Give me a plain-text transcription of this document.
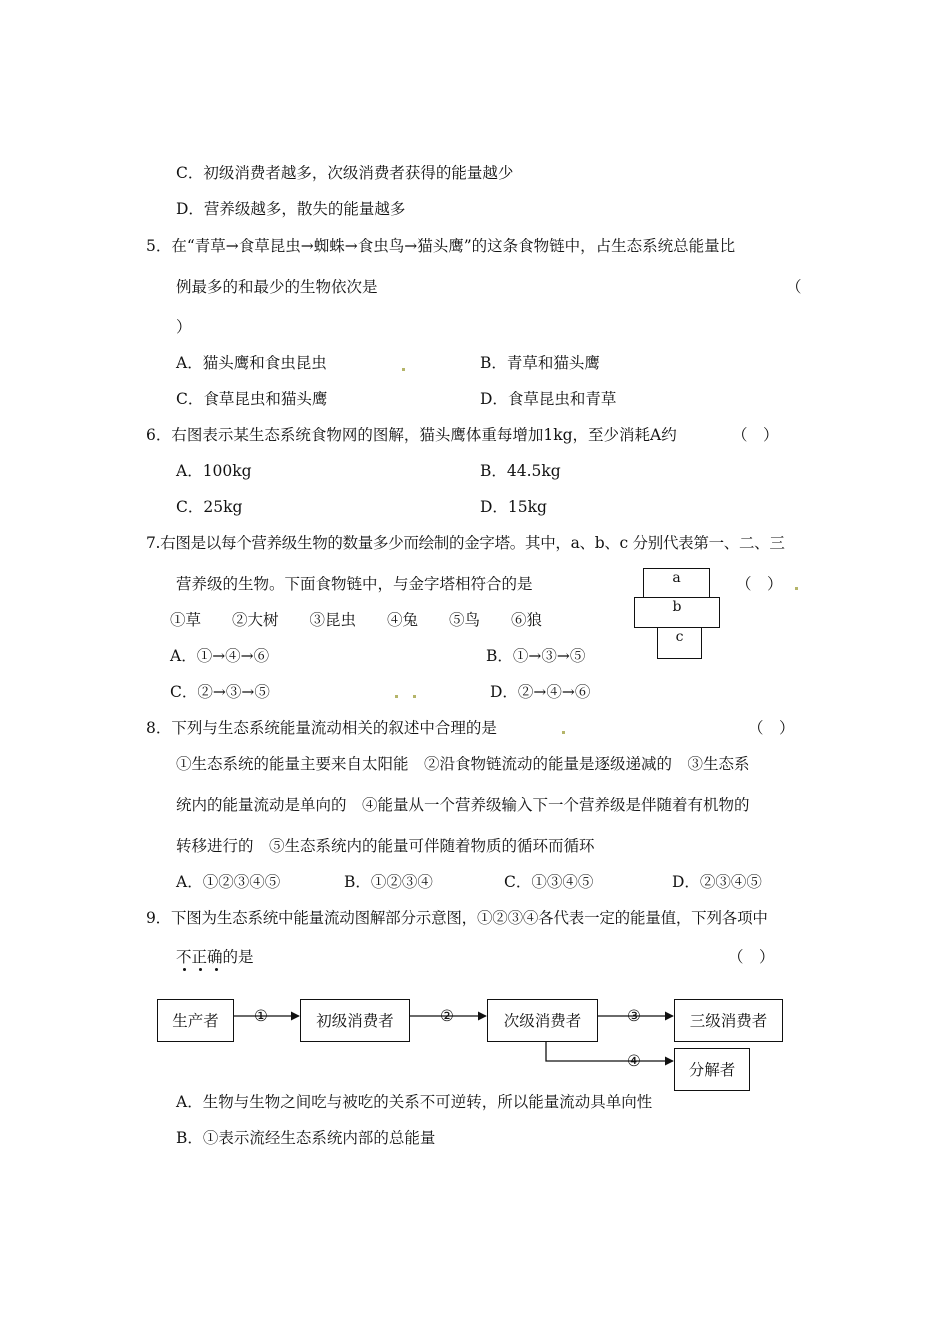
C．初级消费者越多，次级消费者获得的能量越少
D．营养级越多，散失的能量越多
5．在“青草→食草昆虫→蜘蛛→食虫鸟→猫头鹰”的这条食物链中，占生态系统总能量比
例最多的和最少的生物依次是	（
）
A．猫头鹰和食虫昆虫	B．青草和猫头鹰
C．食草昆虫和猫头鹰	D．食草昆虫和青草
6．右图表示某生态系统食物网的图解，猫头鹰体重每增加1kg，至少消耗A约	（　）
A．100kg	B．44.5kg
C．25kg	D．15kg
7.右图是以每个营养级生物的数量多少而绘制的金字塔。其中，a、b、c 分别代表第一、二、三
营养级的生物。下面食物链中，与金字塔相符合的是	（　）
①草　　②大树　　③昆虫　　④兔　　⑤鸟　　⑥狼
A．①→④→⑥	B．①→③→⑤
C．②→③→⑤	D．②→④→⑥
a
b
c
8．下列与生态系统能量流动相关的叙述中合理的是	（　）
①生态系统的能量主要来自太阳能　②沿食物链流动的能量是逐级递减的　③生态系
统内的能量流动是单向的　④能量从一个营养级输入下一个营养级是伴随着有机物的
转移进行的　⑤生态系统内的能量可伴随着物质的循环而循环
A．①②③④⑤	B．①②③④	C．①③④⑤	D．②③④⑤
9．下图为生态系统中能量流动图解部分示意图，①②③④各代表一定的能量值，下列各项中
不正确的是	（　）
生产者	初级消费者	次级消费者	三级消费者
分解者
①	②	③
④
A．生物与生物之间吃与被吃的关系不可逆转，所以能量流动具单向性
B．①表示流经生态系统内部的总能量
